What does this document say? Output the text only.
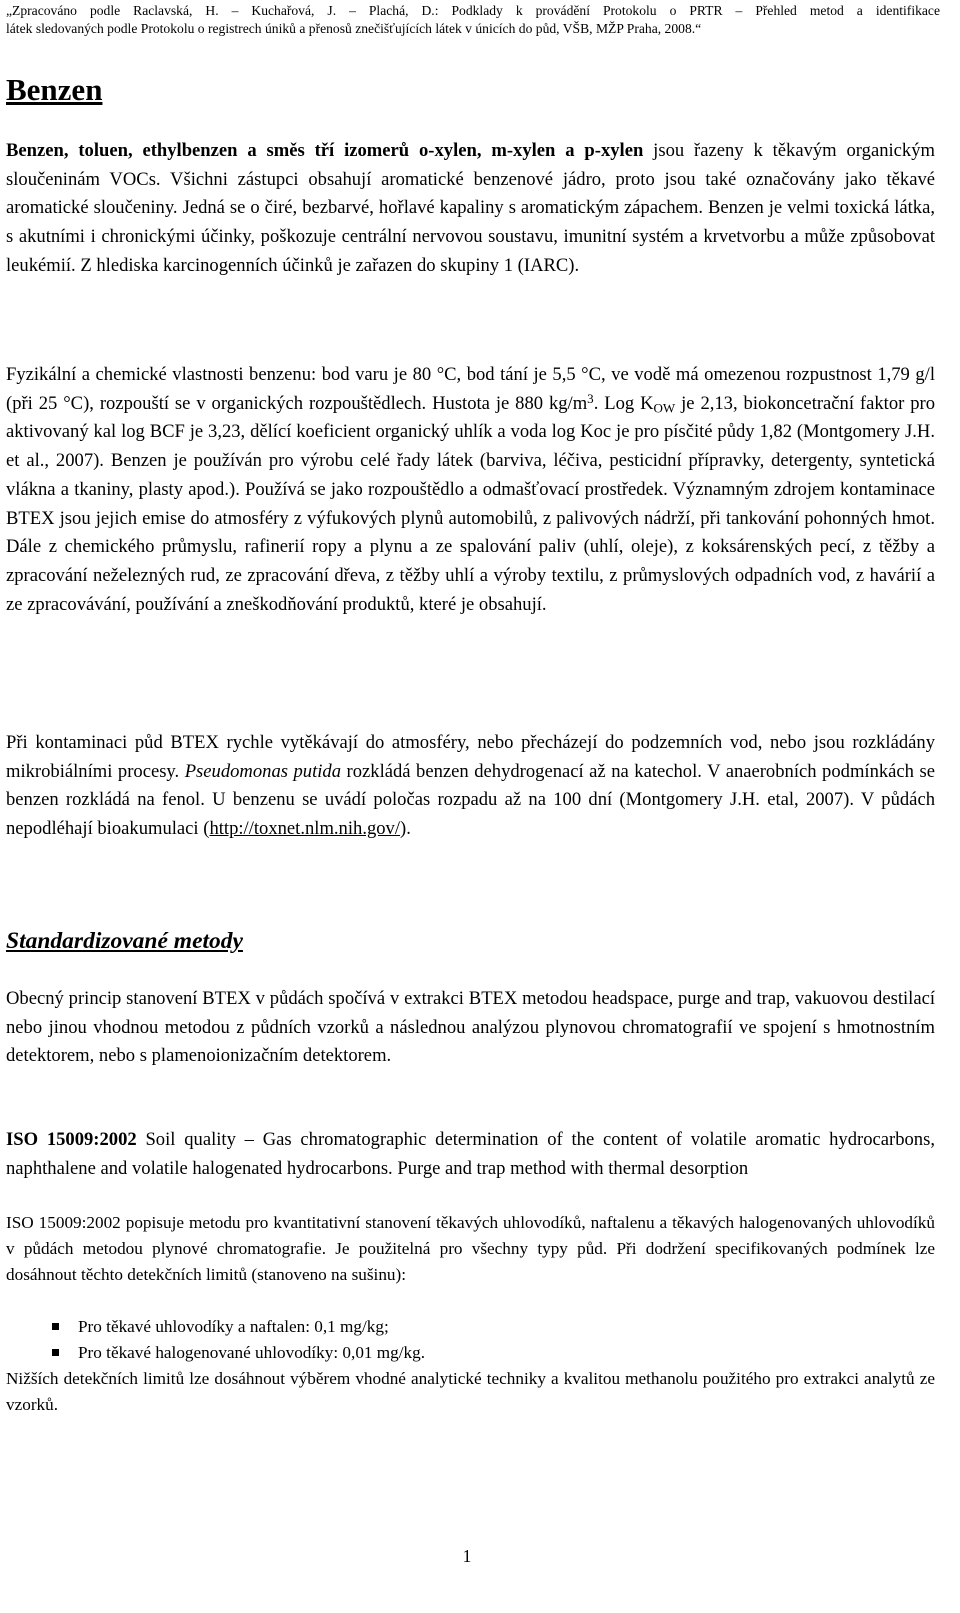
„Zpracováno podle Raclavská, H. – Kuchařová, J. – Plachá, D.: Podklady k provádění Protokolu o PRTR – Přehled metod a identifikace
látek sledovaných podle Protokolu o registrech úniků a přenosů znečišťujících látek v únicích do půd, VŠB, MŽP Praha, 2008.“
Benzen
Benzen, toluen, ethylbenzen a směs tří izomerů o-xylen, m-xylen a p-xylen jsou řazeny k těkavým organickým sloučeninám VOCs. Všichni zástupci obsahují aromatické benzenové jádro, proto jsou také označovány jako těkavé aromatické sloučeniny. Jedná se o čiré, bezbarvé, hořlavé kapaliny s aromatickým zápachem. Benzen je velmi toxická látka, s akutními i chronickými účinky, poškozuje centrální nervovou soustavu, imunitní systém a krvetvorbu a může způsobovat leukémií. Z hlediska karcinogenních účinků je zařazen do skupiny 1 (IARC).
Fyzikální a chemické vlastnosti benzenu: bod varu je 80 °C, bod tání je 5,5 °C, ve vodě má omezenou rozpustnost 1,79 g/l (při 25 °C), rozpouští se v organických rozpouštědlech. Hustota je 880 $kg/m^3$. Log $K_{OW}$ je 2,13, biokoncetrační faktor pro aktivovaný kal log BCF je 3,23, dělící koeficient organický uhlík a voda log Koc je pro písčité půdy 1,82 (Montgomery J.H. et al., 2007). Benzen je používán pro výrobu celé řady látek (barviva, léčiva, pesticidní přípravky, detergenty, syntetická vlákna a tkaniny, plasty apod.). Používá se jako rozpouštědlo a odmašťovací prostředek. Významným zdrojem kontaminace BTEX jsou jejich emise do atmosféry z výfukových plynů automobilů, z palivových nádrží, při tankování pohonných hmot. Dále z chemického průmyslu, rafinerií ropy a plynu a ze spalování paliv (uhlí, oleje), z koksárenských pecí, z těžby a zpracování neželezných rud, ze zpracování dřeva, z těžby uhlí a výroby textilu, z průmyslových odpadních vod, z havárií a ze zpracovávání, používání a zneškodňování produktů, které je obsahují.
Při kontaminaci půd BTEX rychle vytěkávají do atmosféry, nebo přecházejí do podzemních vod, nebo jsou rozkládány mikrobiálními procesy. Pseudomonas putida rozkládá benzen dehydrogenací až na katechol. V anaerobních podmínkách se benzen rozkládá na fenol. U benzenu se uvádí poločas rozpadu až na 100 dní (Montgomery J.H. etal, 2007). V půdách nepodléhají bioakumulaci (http://toxnet.nlm.nih.gov/).
Standardizované metody
Obecný princip stanovení BTEX v půdách spočívá v extrakci BTEX metodou headspace, purge and trap, vakuovou destilací nebo jinou vhodnou metodou z půdních vzorků a následnou analýzou plynovou chromatografií ve spojení s hmotnostním detektorem, nebo s plamenoionizačním detektorem.
ISO 15009:2002 Soil quality – Gas chromatographic determination of the content of volatile aromatic hydrocarbons, naphthalene and volatile halogenated hydrocarbons. Purge and trap method with thermal desorption
ISO 15009:2002 popisuje metodu pro kvantitativní stanovení těkavých uhlovodíků, naftalenu a těkavých halogenovaných uhlovodíků v půdách metodou plynové chromatografie. Je použitelná pro všechny typy půd. Při dodržení specifikovaných podmínek lze dosáhnout těchto detekčních limitů (stanoveno na sušinu):
Pro těkavé uhlovodíky a naftalen: 0,1 mg/kg;
Pro těkavé halogenované uhlovodíky: 0,01 mg/kg.
Nižších detekčních limitů lze dosáhnout výběrem vhodné analytické techniky a kvalitou methanolu použitého pro extrakci analytů ze vzorků.
1
